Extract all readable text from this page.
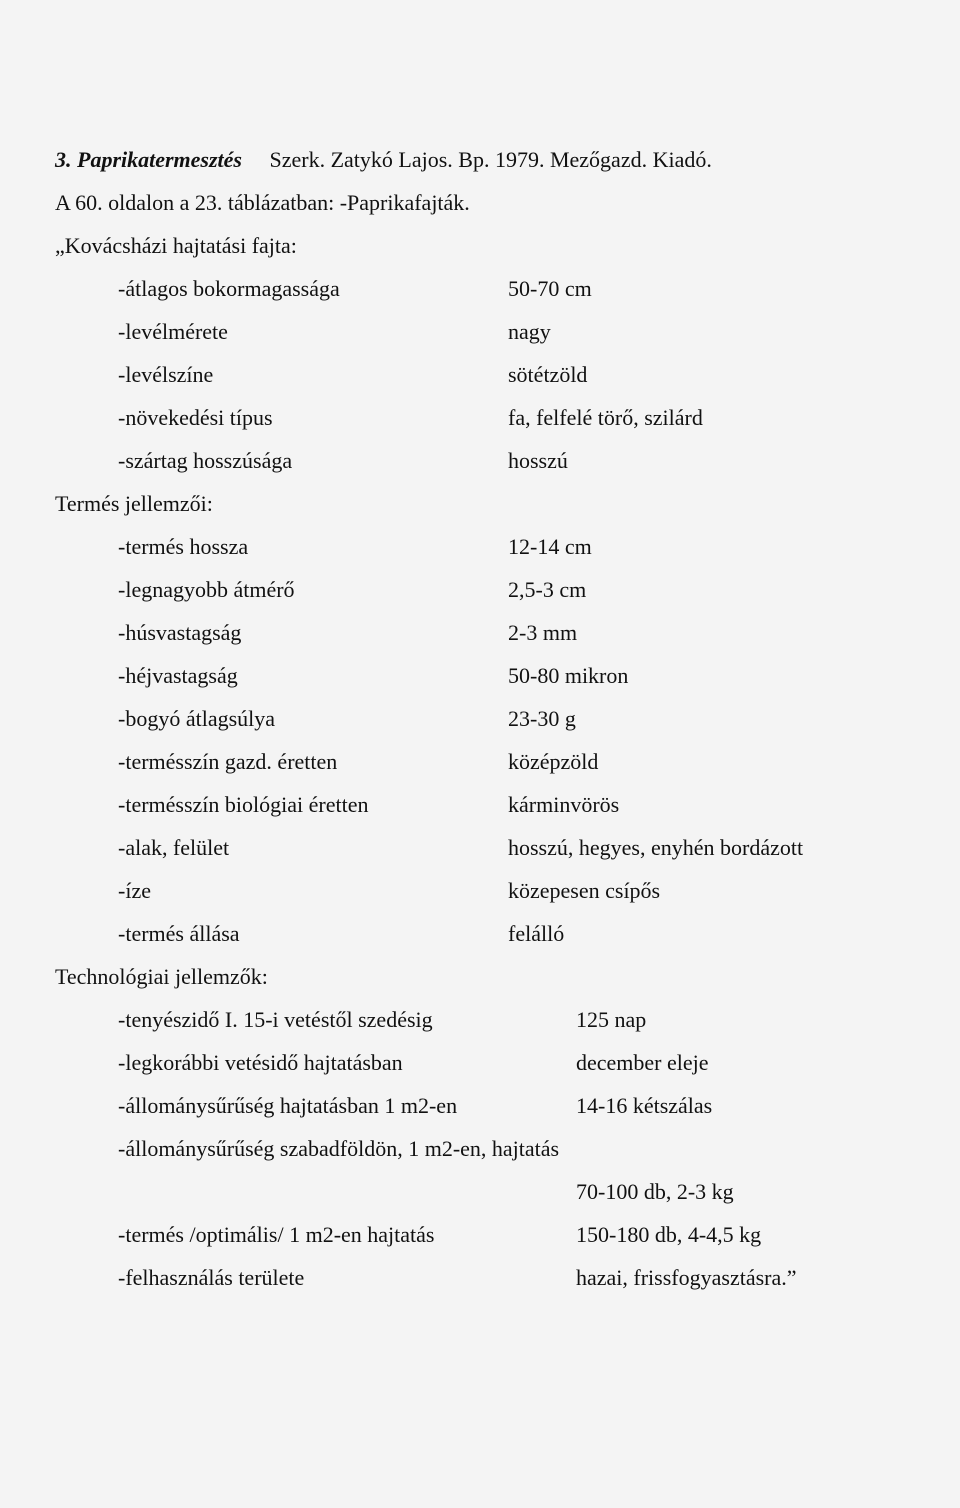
3. Paprikatermesztés Szerk. Zatykó Lajos. Bp. 1979. Mezőgazd. Kiadó.
A 60. oldalon a 23. táblázatban: -Paprikafajták.
„Kovácsházi hajtatási fajta:
-átlagos bokormagassága	50-70 cm
-levélmérete	nagy
-levélszíne	sötétzöld
-növekedési típus	fa, felfelé törő, szilárd
-szártag hosszúsága	hosszú
Termés jellemzői:
-termés hossza	12-14 cm
-legnagyobb átmérő	2,5-3 cm
-húsvastagság	2-3 mm
-héjvastagság	50-80 mikron
-bogyó átlagsúlya	23-30 g
-termésszín gazd. éretten	középzöld
-termésszín biológiai éretten	kárminvörös
-alak, felület	hosszú, hegyes, enyhén bordázott
-íze	közepesen csípős
-termés állása	felálló
Technológiai jellemzők:
-tenyészidő I. 15-i vetéstől szedésig	125 nap
-legkorábbi vetésidő hajtatásban	december eleje
-állománysűrűség hajtatásban 1 m2-en	14-16 kétszálas
-állománysűrűség szabadföldön, 1 m2-en, hajtatás
70-100 db, 2-3 kg
-termés /optimális/ 1 m2-en hajtatás	150-180 db, 4-4,5 kg
-felhasználás területe	hazai, frissfogyasztásra.”
